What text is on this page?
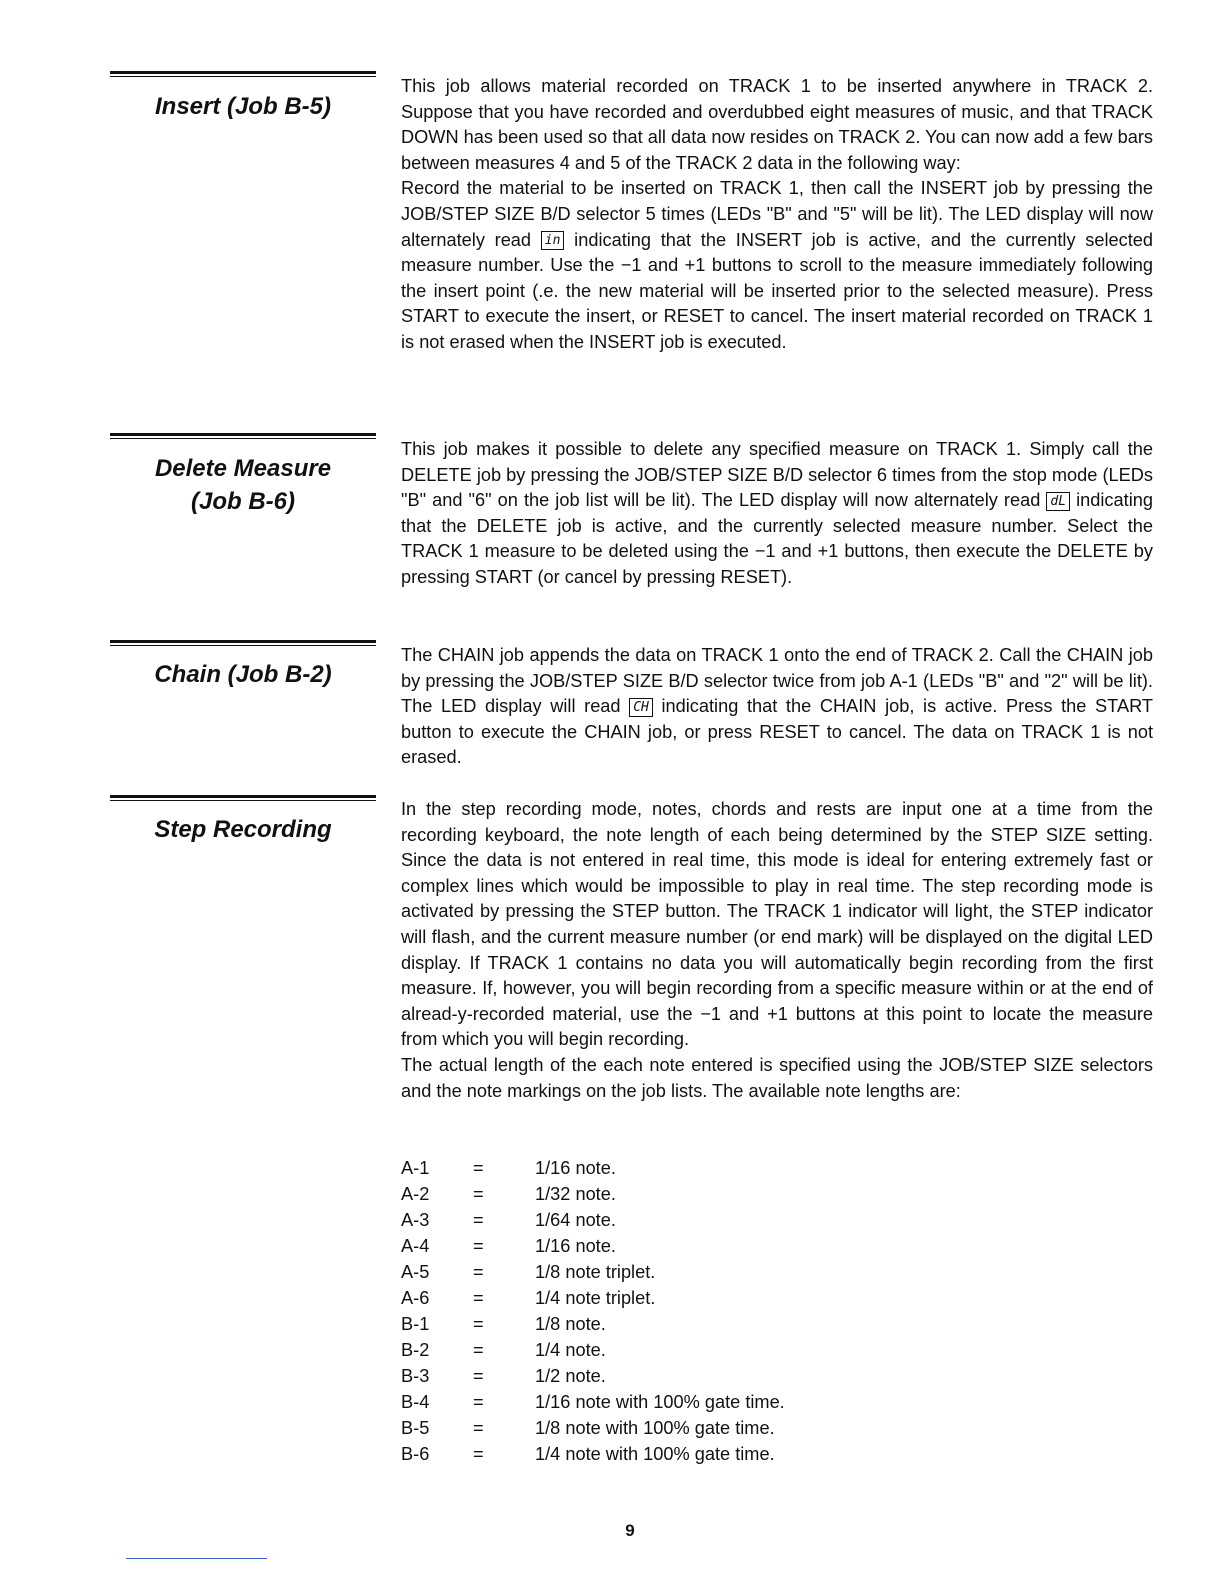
Insert (Job B-5)

This job allows material recorded on TRACK 1 to be inserted anywhere in TRACK 2. Suppose that you have recorded and overdubbed eight measures of music, and that TRACK DOWN has been used so that all data now resides on TRACK 2. You can now add a few bars between measures 4 and 5 of the TRACK 2 data in the following way:

Record the material to be inserted on TRACK 1, then call the INSERT job by pressing the JOB/STEP SIZE B/D selector 5 times (LEDs "B" and "5" will be lit). The LED display will now alternately read in indicating that the INSERT job is active, and the currently selected measure number. Use the −1 and +1 buttons to scroll to the measure immediately following the insert point (.e. the new material will be inserted prior to the selected measure). Press START to execute the insert, or RESET to cancel. The insert material recorded on TRACK 1 is not erased when the INSERT job is executed.

Delete Measure
(Job B-6)

This job makes it possible to delete any specified measure on TRACK 1. Simply call the DELETE job by pressing the JOB/STEP SIZE B/D selector 6 times from the stop mode (LEDs "B" and "6" on the job list will be lit). The LED display will now alternately read dL indicating that the DELETE job is active, and the currently selected measure number. Select the TRACK 1 measure to be deleted using the −1 and +1 buttons, then execute the DELETE by pressing START (or cancel by pressing RESET).

Chain (Job B-2)

The CHAIN job appends the data on TRACK 1 onto the end of TRACK 2. Call the CHAIN job by pressing the JOB/STEP SIZE B/D selector twice from job A-1 (LEDs "B" and "2" will be lit). The LED display will read CH indicating that the CHAIN job, is active. Press the START button to execute the CHAIN job, or press RESET to cancel. The data on TRACK 1 is not erased.

Step Recording

In the step recording mode, notes, chords and rests are input one at a time from the recording keyboard, the note length of each being determined by the STEP SIZE setting. Since the data is not entered in real time, this mode is ideal for entering extremely fast or complex lines which would be impossible to play in real time. The step recording mode is activated by pressing the STEP button. The TRACK 1 indicator will light, the STEP indicator will flash, and the current measure number (or end mark) will be displayed on the digital LED display. If TRACK 1 contains no data you will automatically begin recording from the first measure. If, however, you will begin recording from a specific measure within or at the end of alread-y-recorded material, use the −1 and +1 buttons at this point to locate the measure from which you will begin recording.

The actual length of the each note entered is specified using the JOB/STEP SIZE selectors and the note markings on the job lists. The available note lengths are:

A-1	=	1/16 note.
A-2	=	1/32 note.
A-3	=	1/64 note.
A-4	=	1/16 note.
A-5	=	1/8 note triplet.
A-6	=	1/4 note triplet.
B-1	=	1/8 note.
B-2	=	1/4 note.
B-3	=	1/2 note.
B-4	=	1/16 note with 100% gate time.
B-5	=	1/8 note with 100% gate time.
B-6	=	1/4 note with 100% gate time.
9
